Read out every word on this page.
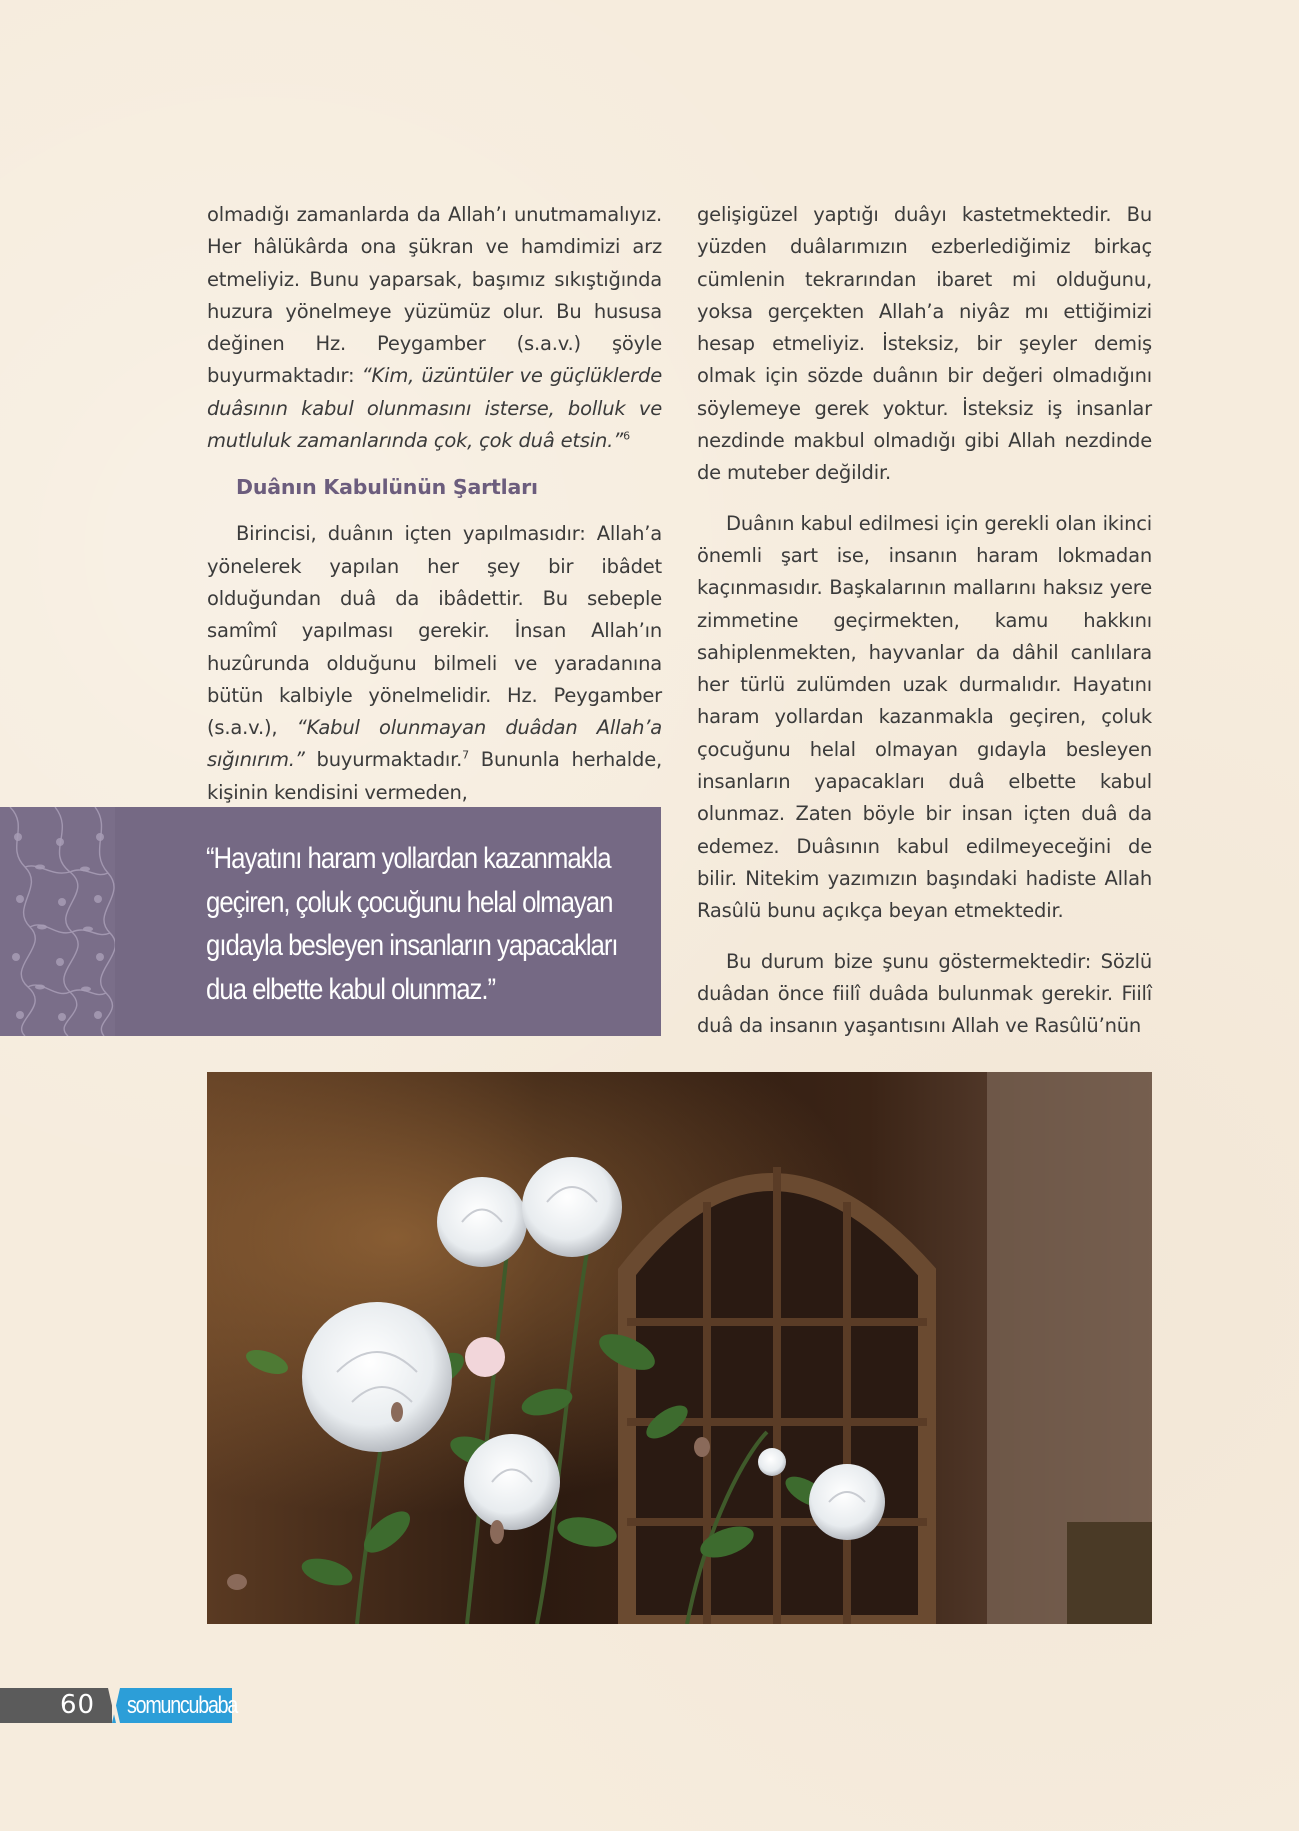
olmadığı zamanlarda da Allah’ı unutmamalıyız. Her hâlükârda ona şükran ve hamdimizi arz etmeliyiz. Bunu yaparsak, başımız sıkıştığında huzura yönelmeye yüzümüz olur. Bu hususa değinen Hz. Peygamber (s.a.v.) şöyle buyurmaktadır: “Kim, üzüntüler ve güçlüklerde duâsının kabul olunmasını isterse, bolluk ve mutluluk zamanlarında çok, çok duâ etsin.”$^6$

Duânın Kabulünün Şartları

Birincisi, duânın içten yapılmasıdır: Allah’a yönelerek yapılan her şey bir ibâdet olduğundan duâ da ibâdettir. Bu sebeple samîmî yapılması gerekir. İnsan Allah’ın huzûrunda olduğunu bilmeli ve yaradanına bütün kalbiyle yönelmelidir. Hz. Peygamber (s.a.v.), “Kabul olunmayan duâdan Allah’a sığınırım.” buyurmaktadır.$^7$ Bununla herhalde, kişinin kendisini vermeden,

gelişigüzel yaptığı duâyı kastetmektedir. Bu yüzden duâlarımızın ezberlediğimiz birkaç cümlenin tekrarından ibaret mi olduğunu, yoksa gerçekten Allah’a niyâz mı ettiğimizi hesap etmeliyiz. İsteksiz, bir şeyler demiş olmak için sözde duânın bir değeri olmadığını söylemeye gerek yoktur. İsteksiz iş insanlar nezdinde makbul olmadığı gibi Allah nezdinde de muteber değildir.

Duânın kabul edilmesi için gerekli olan ikinci önemli şart ise, insanın haram lokmadan kaçınmasıdır. Başkalarının mallarını haksız yere zimmetine geçirmekten, kamu hakkını sahiplenmekten, hayvanlar da dâhil canlılara her türlü zulümden uzak durmalıdır. Hayatını haram yollardan kazanmakla geçiren, çoluk çocuğunu helal olmayan gıdayla besleyen insanların yapacakları duâ elbette kabul olunmaz. Zaten böyle bir insan içten duâ da edemez. Duâsının kabul edilmeyeceğini de bilir. Nitekim yazımızın başındaki hadiste Allah Rasûlü bunu açıkça beyan etmektedir.

Bu durum bize şunu göstermektedir: Sözlü duâdan önce fiilî duâda bulunmak gerekir. Fiilî duâ da insanın yaşantısını Allah ve Rasûlü’nün

“Hayatını haram yollardan kazanmakla geçiren, çoluk çocuğunu helal olmayan gıdayla besleyen insanların yapacakları dua elbette kabul olunmaz.”
60 somuncubaba
